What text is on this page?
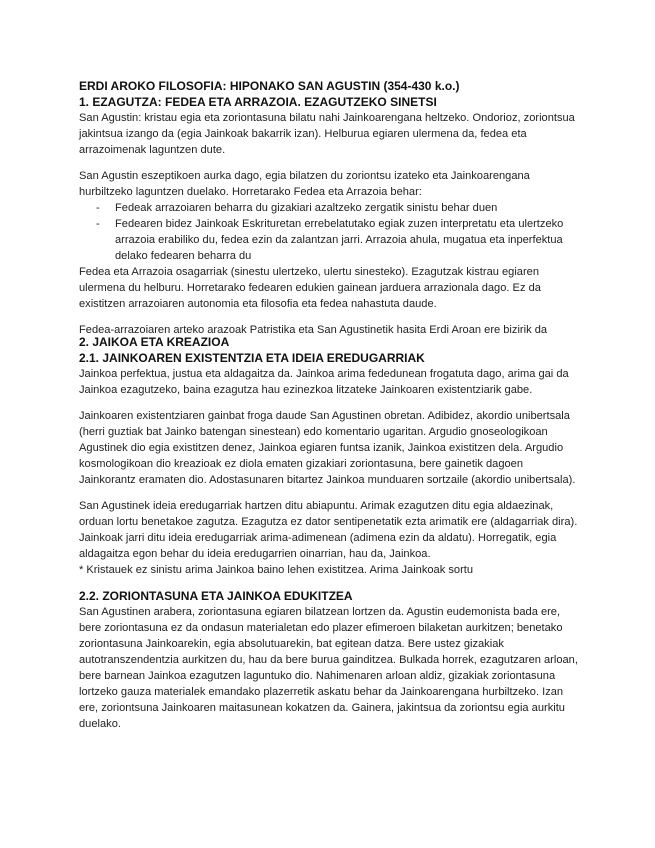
ERDI AROKO FILOSOFIA: HIPONAKO SAN AGUSTIN (354-430 k.o.)
1. EZAGUTZA: FEDEA ETA ARRAZOIA. EZAGUTZEKO SINETSI

San Agustin: kristau egia eta zoriontasuna bilatu nahi Jainkoarengana heltzeko. Ondorioz, zoriontsua jakintsua izango da (egia Jainkoak bakarrik izan). Helburua egiaren ulermena da, fedea eta arrazoimenak laguntzen dute.

San Agustin eszeptikoen aurka dago, egia bilatzen du zoriontsu izateko eta Jainkoarengana hurbiltzeko laguntzen duelako. Horretarako Fedea eta Arrazoia behar:

- Fedeak arrazoiaren beharra du gizakiari azaltzeko zergatik sinistu behar duen
- Fedearen bidez Jainkoak Eskrituretan errebelatutako egiak zuzen interpretatu eta ulertzeko arrazoia erabiliko du, fedea ezin da zalantzan jarri. Arrazoia ahula, mugatua eta inperfektua delako fedearen beharra du

Fedea eta Arrazoia osagarriak (sinestu ulertzeko, ulertu sinesteko). Ezagutzak kistrau egiaren ulermena du helburu. Horretarako fedearen edukien gainean jarduera arrazionala dago. Ez da existitzen arrazoiaren autonomia eta filosofia eta fedea nahastuta daude.

Fedea-arrazoiaren arteko arazoak Patristika eta San Agustinetik hasita Erdi Aroan ere bizirik da

2. JAIKOA ETA KREAZIOA
2.1. JAINKOAREN EXISTENTZIA ETA IDEIA EREDUGARRIAK

Jainkoa perfektua, justua eta aldagaitza da. Jainkoa arima fededunean frogatuta dago, arima gai da Jainkoa ezagutzeko, baina ezagutza hau ezinezkoa litzateke Jainkoaren existentziarik gabe.

Jainkoaren existentziaren gainbat froga daude San Agustinen obretan. Adibidez, akordio unibertsala (herri guztiak bat Jainko batengan sinestean) edo komentario ugaritan. Argudio gnoseologikoan Agustinek dio egia existitzen denez, Jainkoa egiaren funtsa izanik, Jainkoa existitzen dela. Argudio kosmologikoan dio kreazioak ez diola ematen gizakiari zoriontasuna, bere gainetik dagoen Jainkorantz eramaten dio. Adostasunaren bitartez Jainkoa munduaren sortzaile (akordio unibertsala).

San Agustinek ideia eredugarriak hartzen ditu abiapuntu. Arimak ezagutzen ditu egia aldaezinak, orduan lortu benetakoe zagutza. Ezagutza ez dator sentipenetatik ezta arimatik ere (aldagarriak dira). Jainkoak jarri ditu ideia eredugarriak arima-adimenean (adimena ezin da aldatu). Horregatik, egia aldagaitza egon behar du ideia eredugarrien oinarrian, hau da, Jainkoa.

* Kristauek ez sinistu arima Jainkoa baino lehen existitzea. Arima Jainkoak sortu

2.2. ZORIONTASUNA ETA JAINKOA EDUKITZEA

San Agustinen arabera, zoriontasuna egiaren bilatzean lortzen da. Agustin eudemonista bada ere, bere zoriontasuna ez da ondasun materialetan edo plazer efimeroen bilaketan aurkitzen; benetako zoriontasuna Jainkoarekin, egia absolutuarekin, bat egitean datza. Bere ustez gizakiak autotranszendentzia aurkitzen du, hau da bere burua gainditzea. Bulkada horrek, ezagutzaren arloan, bere barnean Jainkoa ezagutzen laguntuko dio. Nahimenaren arloan aldiz, gizakiak zoriontasuna lortzeko gauza materialek emandako plazerretik askatu behar da Jainkoarengana hurbiltzeko. Izan ere, zoriontsuna Jainkoaren maitasunean kokatzen da. Gainera, jakintsua da zoriontsu egia aurkitu duelako.
